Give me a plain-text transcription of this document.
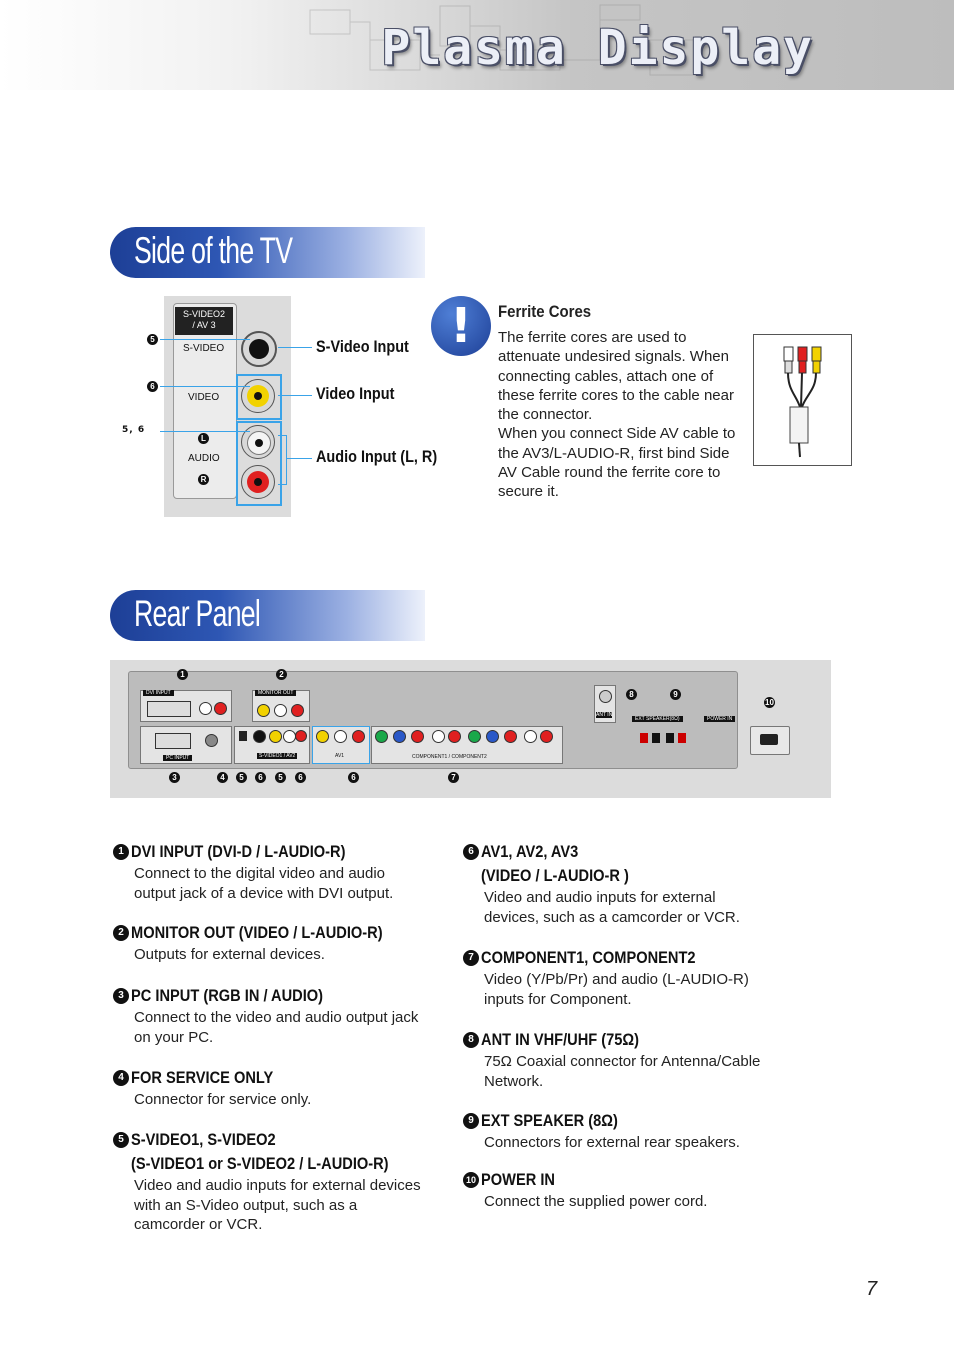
Plasma Display
Side of the TV
S-VIDEO2
/ AV 3
S-VIDEO
VIDEO
L
AUDIO
R
5
6
5, 6
S-Video Input
Video Input
Audio Input (L, R)
!	Ferrite Cores
The ferrite cores are used to attenuate undesired signals. When connecting cables, attach one of these ferrite cores to the cable near the connector.
When you connect Side AV cable to the AV3/L-AUDIO-R, first bind Side AV Cable round the ferrite core to secure it.
Rear Panel
DVI INPUT	MONITOR OUT
PC INPUT	S-VIDEO1 / AV2	AV1	COMPONENT1 / COMPONENT2
ANT IN
EXT SPEAKER(8Ω)	POWER IN
1	2
8	9
10
3	4	5	6	5	6	6	7
1 DVI INPUT (DVI-D / L-AUDIO-R)
Connect to the digital video and audio output jack of a device with DVI output.
2 MONITOR OUT (VIDEO / L-AUDIO-R)
Outputs for external devices.
3 PC INPUT (RGB IN / AUDIO)
Connect to the video and audio output jack on your PC.
4 FOR SERVICE ONLY
Connector for service only.
5 S-VIDEO1, S-VIDEO2
(S-VIDEO1 or S-VIDEO2 / L-AUDIO-R)
Video and audio inputs for external devices with an S-Video output, such as a camcorder or VCR.
6 AV1, AV2, AV3
(VIDEO / L-AUDIO-R )
Video and audio inputs for external devices, such as a camcorder or VCR.
7 COMPONENT1, COMPONENT2
Video (Y/Pb/Pr) and audio (L-AUDIO-R) inputs for Component.
8 ANT IN VHF/UHF (75Ω)
75Ω Coaxial connector for Antenna/Cable Network.
9 EXT SPEAKER (8Ω)
Connectors for external rear speakers.
10 POWER IN
Connect the supplied power cord.
7
